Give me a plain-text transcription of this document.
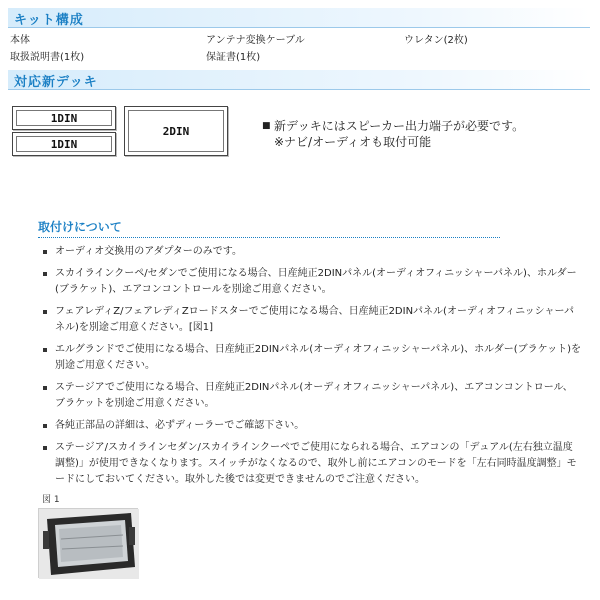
キット構成
本体	アンテナ変換ケーブル	ウレタン(2枚)
取扱説明書(1枚)	保証書(1枚)
対応新デッキ
1DIN
1DIN
2DIN	■ 新デッキにはスピーカー出力端子が必要です。
※ナビ/オーディオも取付可能
取付けについて
オーディオ交換用のアダプターのみです。
スカイラインクーペ/セダンでご使用になる場合、日産純正2DINパネル(オーディオフィニッシャーパネル)、ホルダー(ブラケット)、エアコンコントロールを別途ご用意ください。
フェアレディZ/フェアレディZロードスターでご使用になる場合、日産純正2DINパネル(オーディオフィニッシャーパネル)を別途ご用意ください。[図1]
エルグランドでご使用になる場合、日産純正2DINパネル(オーディオフィニッシャーパネル)、ホルダー(ブラケット)を別途ご用意ください。
ステージアでご使用になる場合、日産純正2DINパネル(オーディオフィニッシャーパネル)、エアコンコントロール、ブラケットを別途ご用意ください。
各純正部品の詳細は、必ずディーラーでご確認下さい。
ステージア/スカイラインセダン/スカイラインクーペでご使用になられる場合、エアコンの「デュアル(左右独立温度調整)」が使用できなくなります。スイッチがなくなるので、取外し前にエアコンのモードを「左右同時温度調整」モードにしておいてください。取外した後では変更できませんのでご注意ください。
図 1
